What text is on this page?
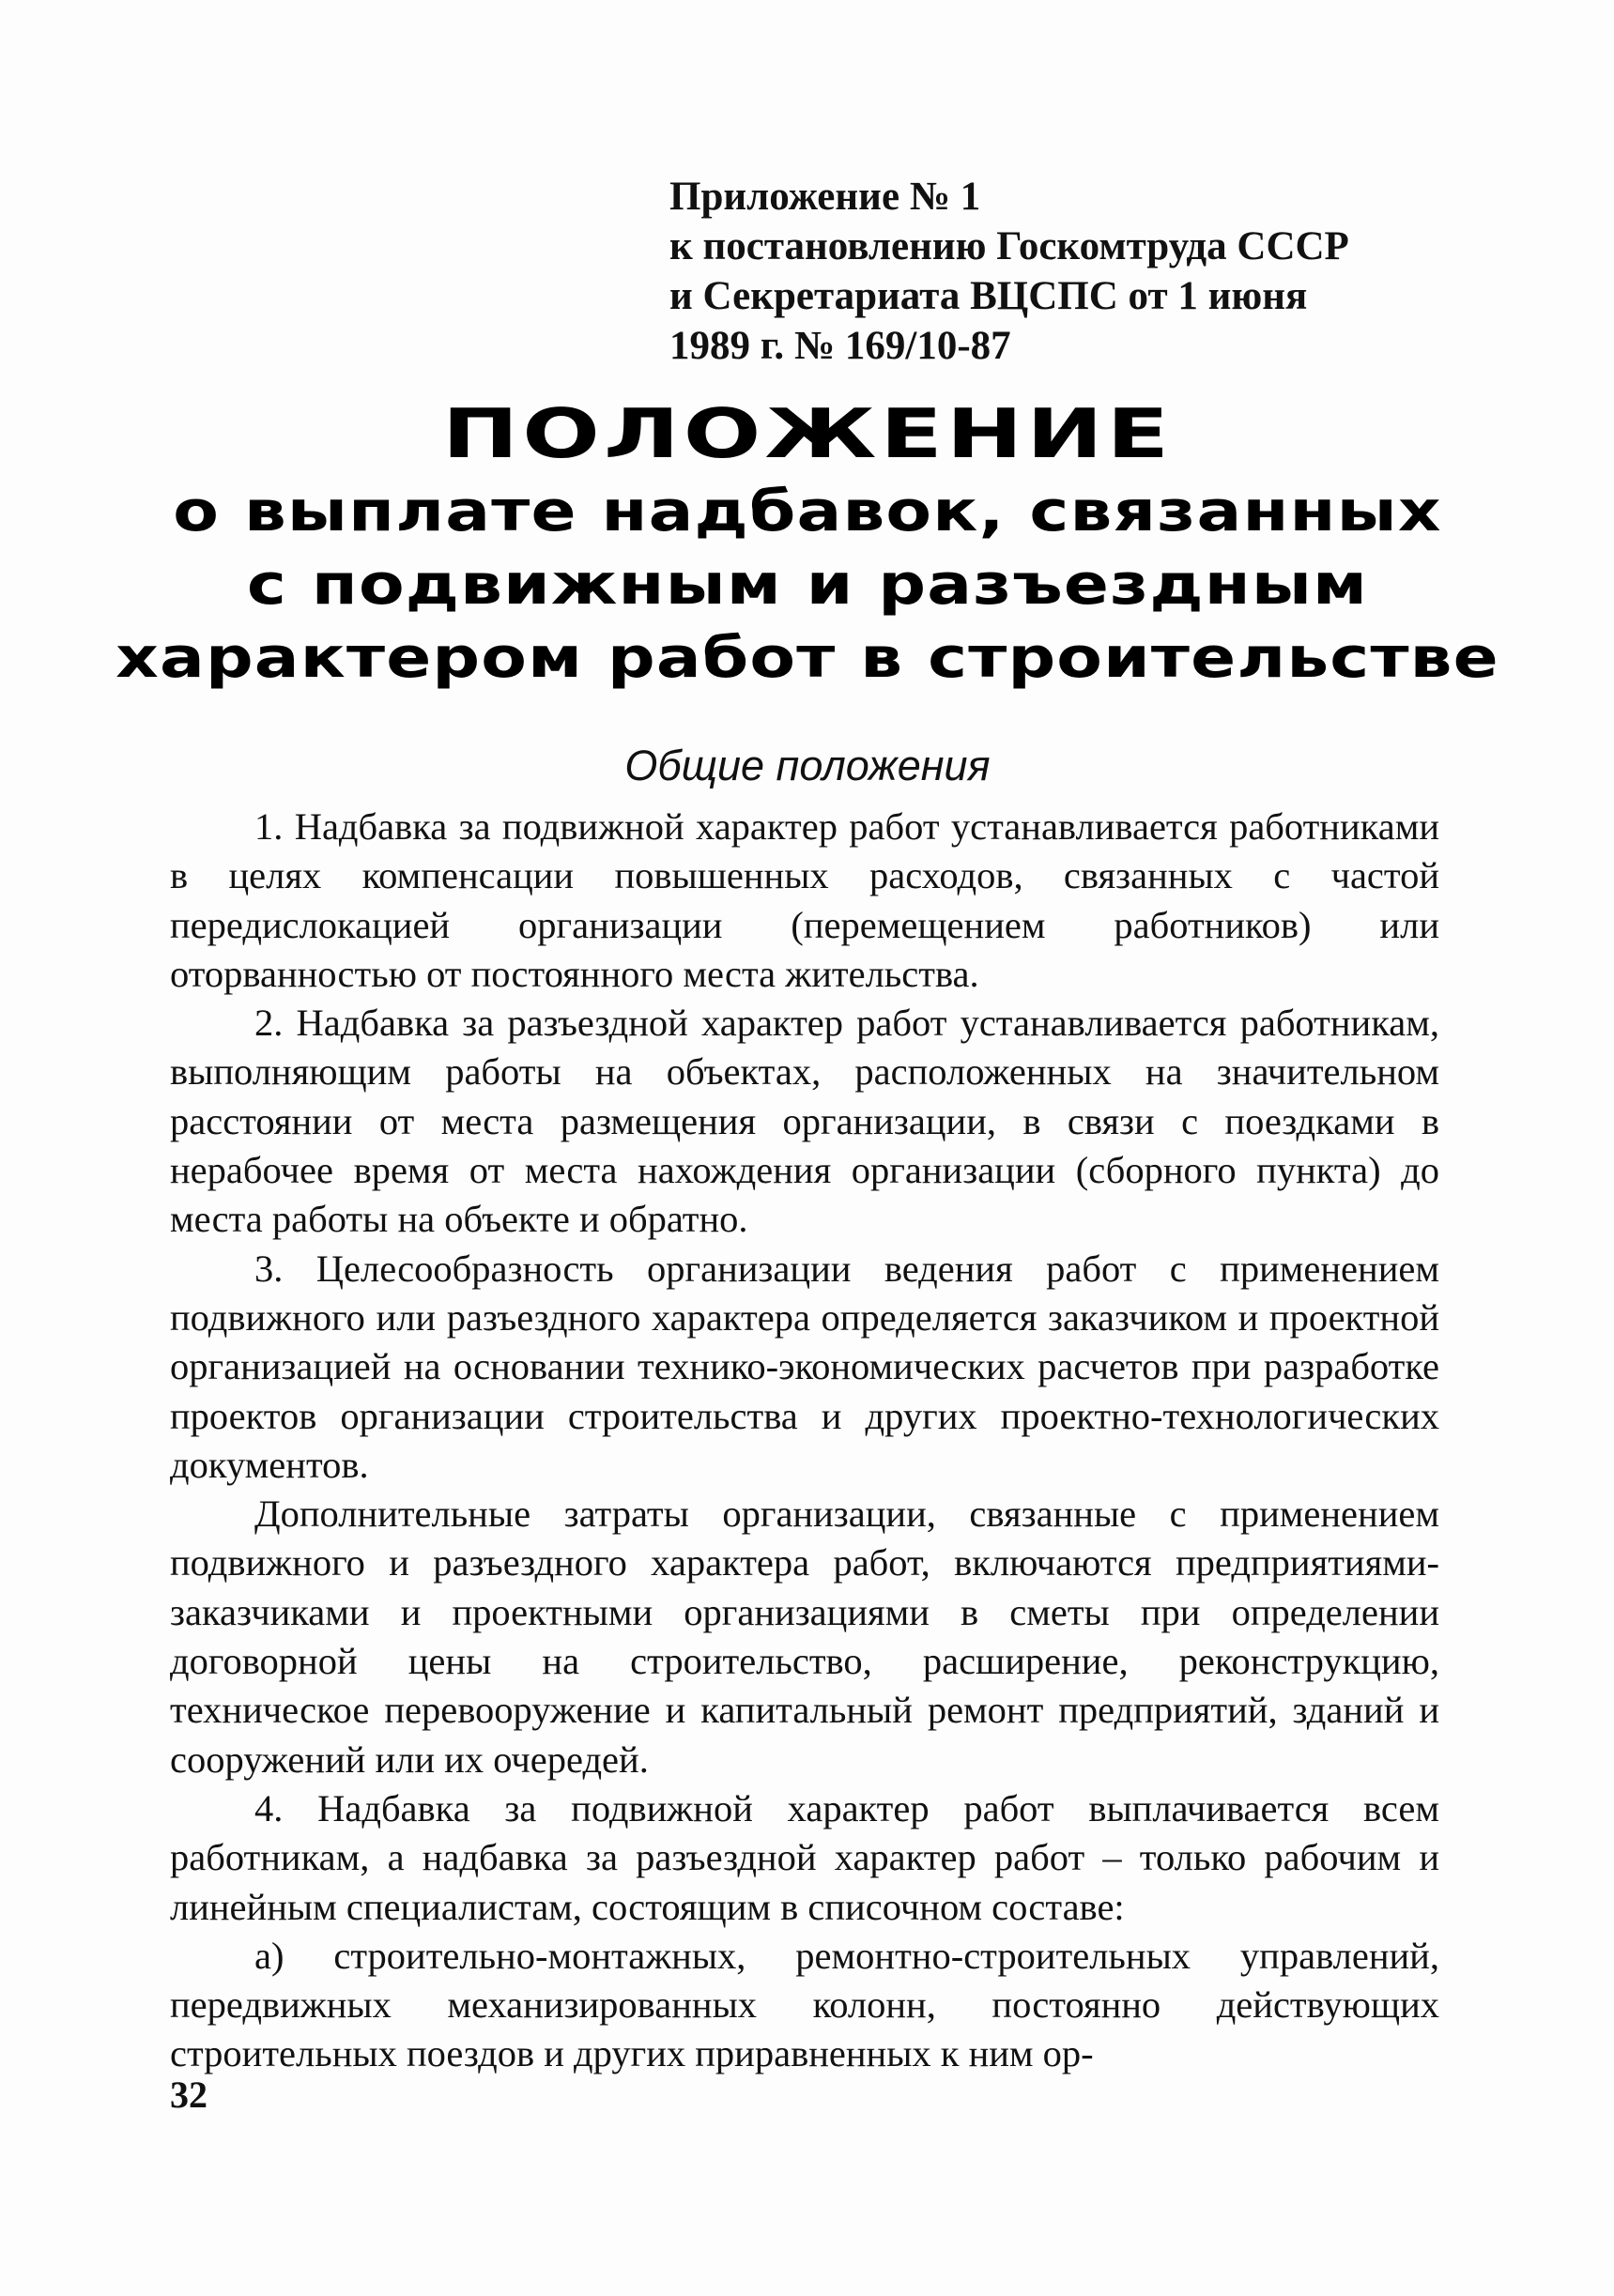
Приложение № 1
к постановлению Госкомтруда СССР
и Секретариата ВЦСПС от 1 июня
1989 г. № 169/10-87
ПОЛОЖЕНИЕ
о выплате надбавок, связанных
с подвижным и разъездным
характером работ в строительстве
Общие положения

1. Надбавка за подвижной характер работ устанавливается работниками в целях компенсации повышенных расходов, связанных с частой передислокацией организации (перемещением работников) или оторванностью от постоянного места жительства.

2. Надбавка за разъездной характер работ устанавливается работникам, выполняющим работы на объектах, расположенных на значительном расстоянии от места размещения организации, в связи с поездками в нерабочее время от места нахождения организации (сборного пункта) до места работы на объекте и обратно.

3. Целесообразность организации ведения работ с применением подвижного или разъездного характера определяется заказчиком и проектной организацией на основании технико-экономических расчетов при разработке проектов организации строительства и других проектно-технологических документов.

Дополнительные затраты организации, связанные с применением подвижного и разъездного характера работ, включаются предприятиями-заказчиками и проектными организациями в сметы при определении договорной цены на строительство, расширение, реконструкцию, техническое перевооружение и капитальный ремонт предприятий, зданий и сооружений или их очередей.

4. Надбавка за подвижной характер работ выплачивается всем работникам, а надбавка за разъездной характер работ – только рабочим и линейным специалистам, состоящим в списочном составе:

а) строительно-монтажных, ремонтно-строительных управлений, передвижных механизированных колонн, постоянно действующих строительных поездов и других приравненных к ним ор-

32
